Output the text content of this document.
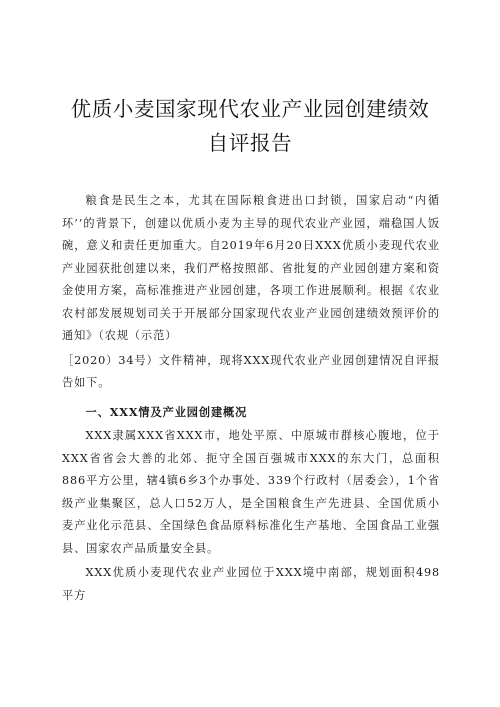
优质小麦国家现代农业产业园创建绩效
自评报告

粮食是民生之本，尤其在国际粮食进出口封锁，国家启动“内循环’’的背景下，创建以优质小麦为主导的现代农业产业园，端稳国人饭碗，意义和责任更加重大。自2019年6月20日XXX优质小麦现代农业产业园获批创建以来，我们严格按照部、省批复的产业园创建方案和资金使用方案，高标准推进产业园创建，各项工作进展顺利。根据《农业农村部发展规划司关于开展部分国家现代农业产业园创建绩效预评价的通知》（农规（示范）

［2020）34号）文件精神，现将XXX现代农业产业园创建情况自评报告如下。

一、XXX情及产业园创建概况

XXX隶属XXX省XXX市，地处平原、中原城市群核心腹地，位于XXX省省会大善的北郊、扼守全国百强城市XXX的东大门，总面积886平方公里，辖4镇6乡3个办事处、339个行政村（居委会），1个省级产业集聚区，总人口52万人，是全国粮食生产先进县、全国优质小麦产业化示范县、全国绿色食品原料标准化生产基地、全国食品工业强县、国家农产品质量安全县。

XXX优质小麦现代农业产业园位于XXX境中南部，规划面积498平方
